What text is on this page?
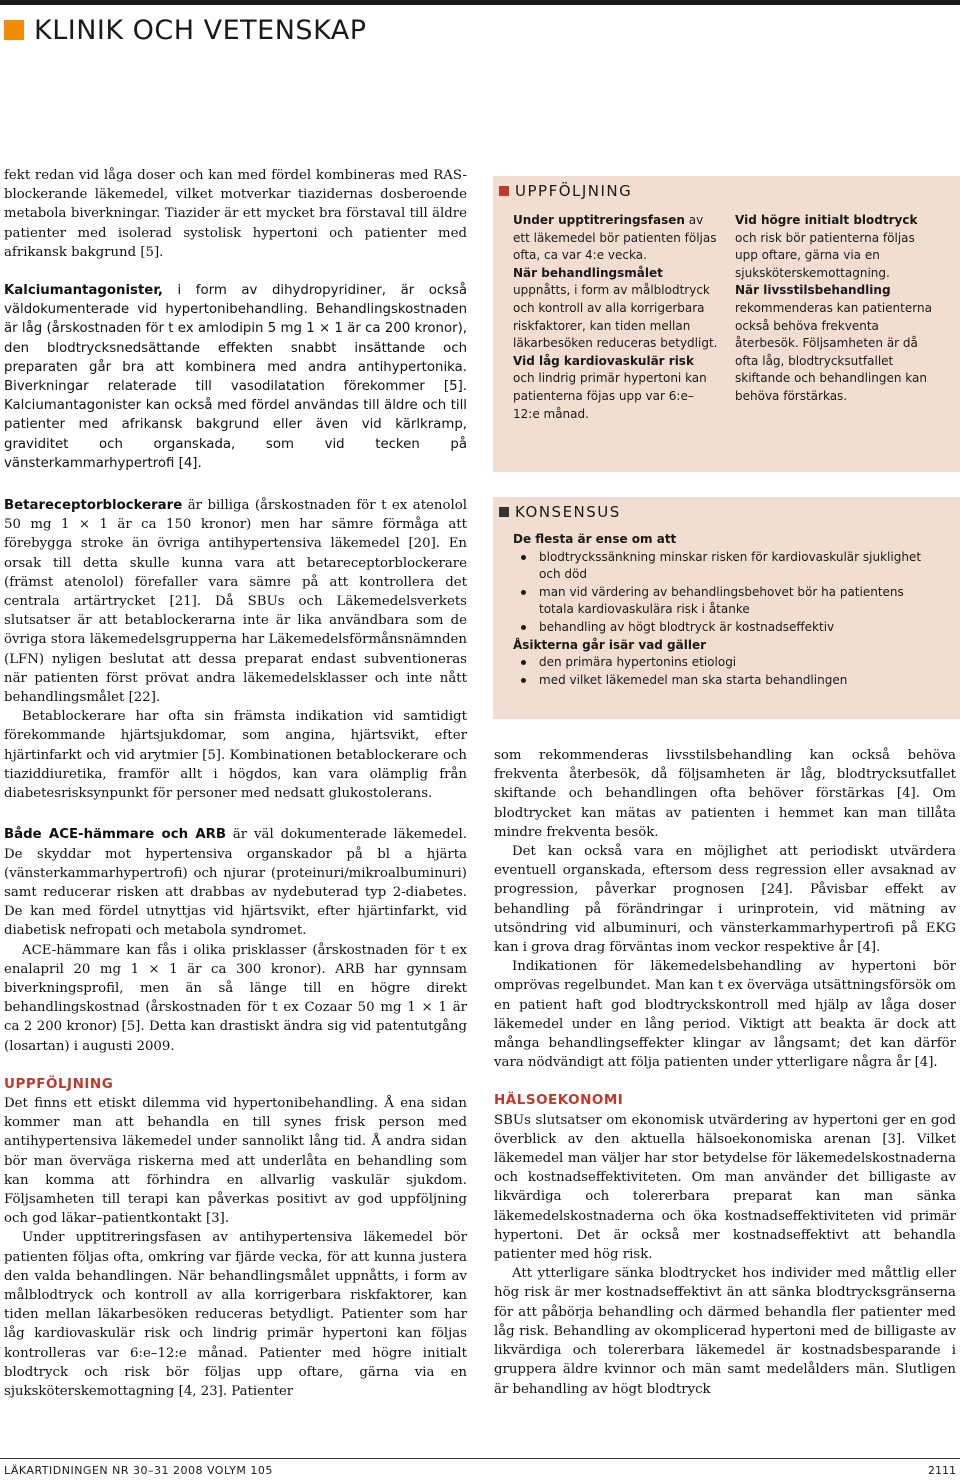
KLINIK OCH VETENSKAP

fekt redan vid låga doser och kan med fördel kombineras med RAS-blockerande läkemedel, vilket motverkar tiazidernas dosberoende metabola biverkningar. Tiazider är ett mycket bra förstaval till äldre patienter med isolerad systolisk hypertoni och patienter med afrikansk bakgrund [5].

Kalciumantagonister, i form av dihydropyridiner, är också väldokumenterade vid hypertonibehandling. Behandlingskostnaden är låg (årskostnaden för t ex amlodipin 5 mg 1 × 1 är ca 200 kronor), den blodtrycksnedsättande effekten snabbt insättande och preparaten går bra att kombinera med andra antihypertonika. Biverkningar relaterade till vasodilatation förekommer [5]. Kalciumantagonister kan också med fördel användas till äldre och till patienter med afrikansk bakgrund eller även vid kärlkramp, graviditet och organskada, som vid tecken på vänsterkammarhypertrofi [4].

Betareceptorblockerare är billiga (årskostnaden för t ex atenolol 50 mg 1 × 1 är ca 150 kronor) men har sämre förmåga att förebygga stroke än övriga antihypertensiva läkemedel [20]. En orsak till detta skulle kunna vara att betareceptorblockerare (främst atenolol) förefaller vara sämre på att kontrollera det centrala artärtrycket [21]. Då SBUs och Läkemedelsverkets slutsatser är att betablockerarna inte är lika användbara som de övriga stora läkemedelsgrupperna har Läkemedelsförmånsnämnden (LFN) nyligen beslutat att dessa preparat endast subventioneras när patienten först prövat andra läkemedelsklasser och inte nått behandlingsmålet [22].

Betablockerare har ofta sin främsta indikation vid samtidigt förekommande hjärtsjukdomar, som angina, hjärtsvikt, efter hjärtinfarkt och vid arytmier [5]. Kombinationen betablockerare och tiaziddiuretika, framför allt i högdos, kan vara olämplig från diabetesrisksynpunkt för personer med nedsatt glukostolerans.

Både ACE-hämmare och ARB är väl dokumenterade läkemedel. De skyddar mot hypertensiva organskador på bl a hjärta (vänsterkammarhypertrofi) och njurar (proteinuri/mikroalbuminuri) samt reducerar risken att drabbas av nydebuterad typ 2-diabetes. De kan med fördel utnyttjas vid hjärtsvikt, efter hjärtinfarkt, vid diabetisk nefropati och metabola syndromet.

ACE-hämmare kan fås i olika prisklasser (årskostnaden för t ex enalapril 20 mg 1 × 1 är ca 300 kronor). ARB har gynnsam biverkningsprofil, men än så länge till en högre direkt behandlingskostnad (årskostnaden för t ex Cozaar 50 mg 1 × 1 är ca 2 200 kronor) [5]. Detta kan drastiskt ändra sig vid patentutgång (losartan) i augusti 2009.

UPPFÖLJNING

Det finns ett etiskt dilemma vid hypertonibehandling. Å ena sidan kommer man att behandla en till synes frisk person med antihypertensiva läkemedel under sannolikt lång tid. Å andra sidan bör man överväga riskerna med att underlåta en behandling som kan komma att förhindra en allvarlig vaskulär sjukdom. Följsamheten till terapi kan påverkas positivt av god uppföljning och god läkar–patientkontakt [3].

Under upptitreringsfasen av antihypertensiva läkemedel bör patienten följas ofta, omkring var fjärde vecka, för att kunna justera den valda behandlingen. När behandlingsmålet uppnåtts, i form av målblodtryck och kontroll av alla korrigerbara riskfaktorer, kan tiden mellan läkarbesöken reduceras betydligt. Patienter som har låg kardiovaskulär risk och lindrig primär hypertoni kan följas kontrolleras var 6:e–12:e månad. Patienter med högre initialt blodtryck och risk bör följas upp oftare, gärna via en sjuksköterskemottagning [4, 23]. Patienter

UPPFÖLJNING
Under upptitreringsfasen av ett läkemedel bör patienten följas ofta, ca var 4:e vecka.
När behandlingsmålet uppnåtts, i form av målblodtryck och kontroll av alla korrigerbara riskfaktorer, kan tiden mellan läkarbesöken reduceras betydligt.
Vid låg kardiovaskulär risk och lindrig primär hypertoni kan patienterna föjas upp var 6:e–12:e månad.
Vid högre initialt blodtryck och risk bör patienterna följas upp oftare, gärna via en sjuksköterskemottagning.
När livsstilsbehandling rekommenderas kan patienterna också behöva frekventa återbesök. Följsamheten är då ofta låg, blodtrycksutfallet skiftande och behandlingen kan behöva förstärkas.
KONSENSUS
De flesta är ense om att
blodtryckssänkning minskar risken för kardiovaskulär sjuklighet och död
man vid värdering av behandlingsbehovet bör ha patientens totala kardiovaskulära risk i åtanke
behandling av högt blodtryck är kostnadseffektiv
Åsikterna går isär vad gäller
den primära hypertonins etiologi
med vilket läkemedel man ska starta behandlingen

som rekommenderas livsstilsbehandling kan också behöva frekventa återbesök, då följsamheten är låg, blodtrycksutfallet skiftande och behandlingen ofta behöver förstärkas [4]. Om blodtrycket kan mätas av patienten i hemmet kan man tillåta mindre frekventa besök.

Det kan också vara en möjlighet att periodiskt utvärdera eventuell organskada, eftersom dess regression eller avsaknad av progression, påverkar prognosen [24]. Påvisbar effekt av behandling på förändringar i urinprotein, vid mätning av utsöndring vid albuminuri, och vänsterkammarhypertrofi på EKG kan i grova drag förväntas inom veckor respektive år [4].

Indikationen för läkemedelsbehandling av hypertoni bör omprövas regelbundet. Man kan t ex överväga utsättningsförsök om en patient haft god blodtryckskontroll med hjälp av låga doser läkemedel under en lång period. Viktigt att beakta är dock att många behandlingseffekter klingar av långsamt; det kan därför vara nödvändigt att följa patienten under ytterligare några år [4].

HÄLSOEKONOMI

SBUs slutsatser om ekonomisk utvärdering av hypertoni ger en god överblick av den aktuella hälsoekonomiska arenan [3]. Vilket läkemedel man väljer har stor betydelse för läkemedelskostnaderna och kostnadseffektiviteten. Om man använder det billigaste av likvärdiga och tolererbara preparat kan man sänka läkemedelskostnaderna och öka kostnadseffektiviteten vid primär hypertoni. Det är också mer kostnadseffektivt att behandla patienter med hög risk.

Att ytterligare sänka blodtrycket hos individer med måttlig eller hög risk är mer kostnadseffektivt än att sänka blodtrycksgränserna för att påbörja behandling och därmed behandla fler patienter med låg risk. Behandling av okomplicerad hypertoni med de billigaste av likvärdiga och tolererbara läkemedel är kostnadsbesparande i gruppera äldre kvinnor och män samt medelålders män. Slutligen är behandling av högt blodtryck

LÄKARTIDNINGEN NR 30–31 2008 VOLYM 105	2111
